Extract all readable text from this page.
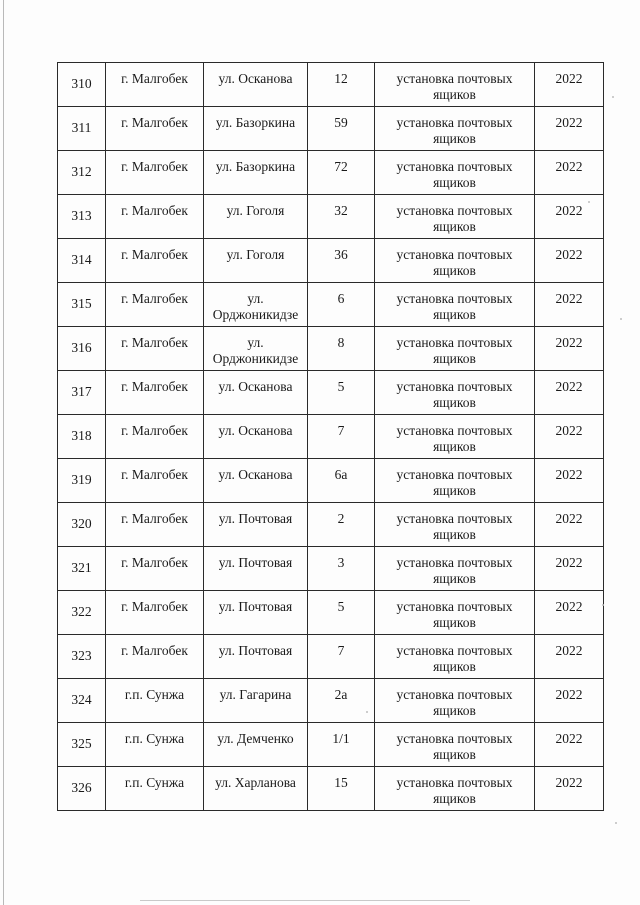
310	г. Малгобек	ул. Осканова	12	установка почтовых ящиков	2022

311	г. Малгобек	ул. Базоркина	59	установка почтовых ящиков	2022

312	г. Малгобек	ул. Базоркина	72	установка почтовых ящиков	2022

313	г. Малгобек	ул. Гоголя	32	установка почтовых ящиков	2022

314	г. Малгобек	ул. Гоголя	36	установка почтовых ящиков	2022

315	г. Малгобек	ул. Орджоникидзе	6	установка почтовых ящиков	2022

316	г. Малгобек	ул. Орджоникидзе	8	установка почтовых ящиков	2022

317	г. Малгобек	ул. Осканова	5	установка почтовых ящиков	2022

318	г. Малгобек	ул. Осканова	7	установка почтовых ящиков	2022

319	г. Малгобек	ул. Осканова	6а	установка почтовых ящиков	2022

320	г. Малгобек	ул. Почтовая	2	установка почтовых ящиков	2022

321	г. Малгобек	ул. Почтовая	3	установка почтовых ящиков	2022

322	г. Малгобек	ул. Почтовая	5	установка почтовых ящиков	2022

323	г. Малгобек	ул. Почтовая	7	установка почтовых ящиков	2022

324	г.п. Сунжа	ул. Гагарина	2а	установка почтовых ящиков	2022

325	г.п. Сунжа	ул. Демченко	1/1	установка почтовых ящиков	2022

326	г.п. Сунжа	ул. Харланова	15	установка почтовых ящиков	2022
